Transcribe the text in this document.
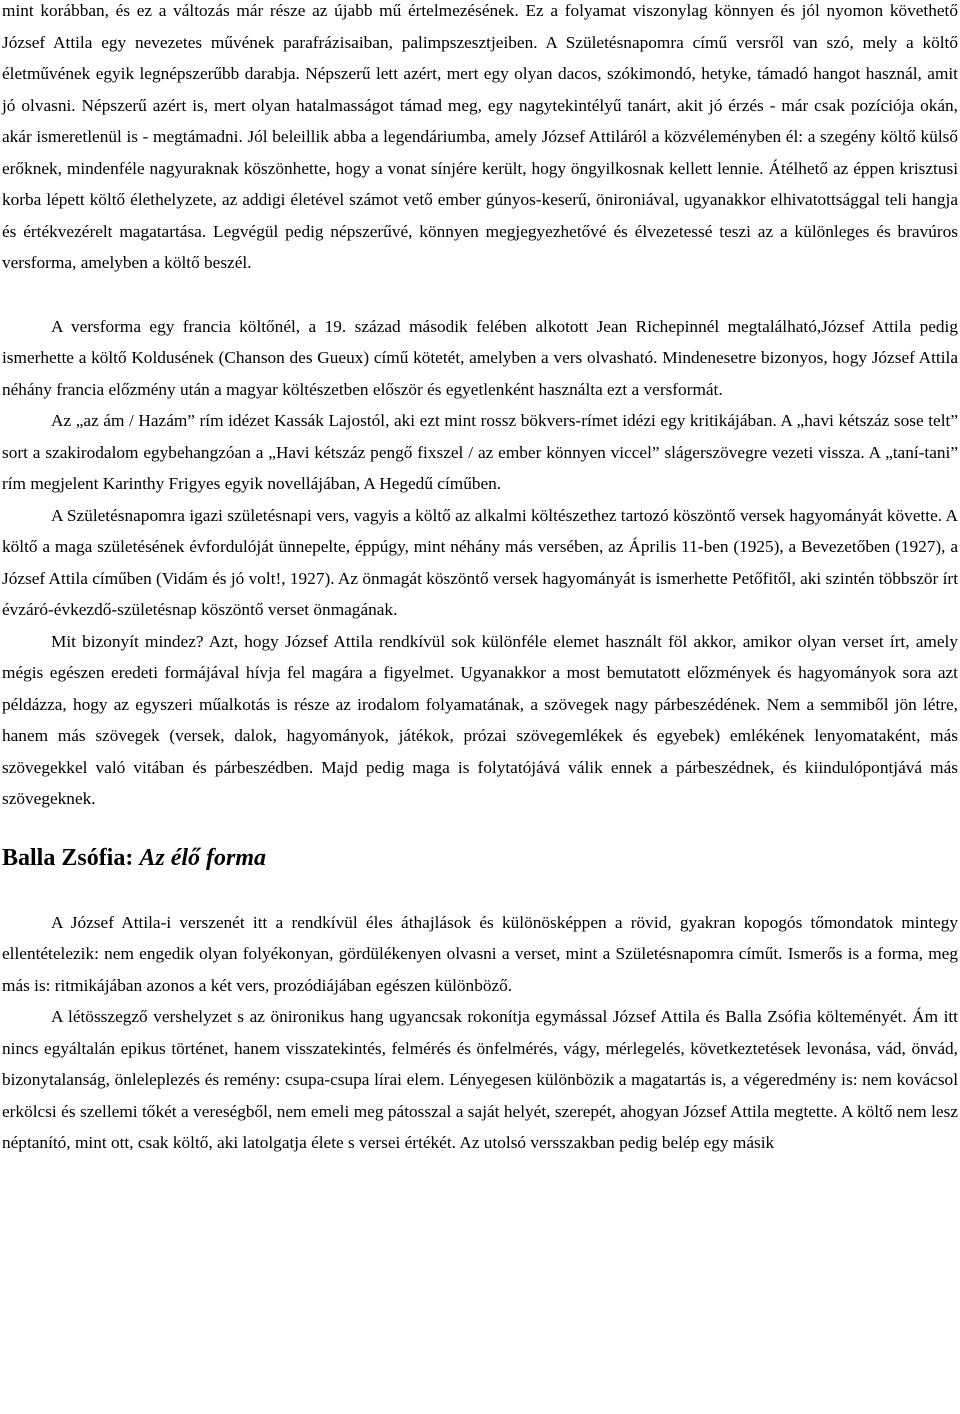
mint korábban, és ez a változás már része az újabb mű értelmezésének. Ez a folyamat viszonylag könnyen és jól nyomon követhető József Attila egy nevezetes művének parafrázisaiban, palimpszesztjeiben. A Születésnapomra című versről van szó, mely a költő életművének egyik legnépszerűbb darabja. Népszerű lett azért, mert egy olyan dacos, szókimondó, hetyke, támadó hangot használ, amit jó olvasni. Népszerű azért is, mert olyan hatalmasságot támad meg, egy nagytekintélyű tanárt, akit jó érzés - már csak pozíciója okán, akár ismeretlenül is - megtámadni. Jól beleillik abba a legendáriumba, amely József Attiláról a közvéleményben él: a szegény költő külső erőknek, mindenféle nagyuraknak köszönhette, hogy a vonat sínjére került, hogy öngyilkosnak kellett lennie. Átélhető az éppen krisztusi korba lépett költő élethelyzete, az addigi életével számot vető ember gúnyos-keserű, önironiával, ugyanakkor elhivatottsággal teli hangja és értékvezérelt magatartása. Legvégül pedig népszerűvé, könnyen megjegyezhetővé és élvezetessé teszi az a különleges és bravúros versforma, amelyben a költő beszél.

A versforma egy francia költőnél, a 19. század második felében alkotott Jean Richepinnél megtalálható,József Attila pedig ismerhette a költő Koldusének (Chanson des Gueux) című kötetét, amelyben a vers olvasható. Mindenesetre bizonyos, hogy József Attila néhány francia előzmény után a magyar költészetben először és egyetlenként használta ezt a versformát.

Az „az ám / Hazám” rím idézet Kassák Lajostól, aki ezt mint rossz bökvers-rímet idézi egy kritikájában. A „havi kétszáz sose telt” sort a szakirodalom egybehangzóan a „Havi kétszáz pengő fixszel / az ember könnyen viccel” slágerszövegre vezeti vissza. A „taní-tani” rím megjelent Karinthy Frigyes egyik novellájában, A Hegedű címűben.

A Születésnapomra igazi születésnapi vers, vagyis a költő az alkalmi költészethez tartozó köszöntő versek hagyományát követte. A költő a maga születésének évfordulóját ünnepelte, éppúgy, mint néhány más versében, az Április 11-ben (1925), a Bevezetőben (1927), a József Attila címűben (Vidám és jó volt!, 1927). Az önmagát köszöntő versek hagyományát is ismerhette Petőfitől, aki szintén többször írt évzáró-évkezdő-születésnap köszöntő verset önmagának.

Mit bizonyít mindez? Azt, hogy József Attila rendkívül sok különféle elemet használt föl akkor, amikor olyan verset írt, amely mégis egészen eredeti formájával hívja fel magára a figyelmet. Ugyanakkor a most bemutatott előzmények és hagyományok sora azt példázza, hogy az egyszeri műalkotás is része az irodalom folyamatának, a szövegek nagy párbeszédének. Nem a semmiből jön létre, hanem más szövegek (versek, dalok, hagyományok, játékok, prózai szövegemlékek és egyebek) emlékének lenyomataként, más szövegekkel való vitában és párbeszédben. Majd pedig maga is folytatójává válik ennek a párbeszédnek, és kiindulópontjává más szövegeknek.

Balla Zsófia: Az élő forma

A József Attila-i verszenét itt a rendkívül éles áthajlások és különösképpen a rövid, gyakran kopogós tőmondatok mintegy ellentételezik: nem engedik olyan folyékonyan, gördülékenyen olvasni a verset, mint a Születésnapomra címűt. Ismerős is a forma, meg más is: ritmikájában azonos a két vers, prozódiájában egészen különböző.

A létösszegző vershelyzet s az önironikus hang ugyancsak rokonítja egymással József Attila és Balla Zsófia költeményét. Ám itt nincs egyáltalán epikus történet, hanem visszatekintés, felmérés és önfelmérés, vágy, mérlegelés, következtetések levonása, vád, önvád, bizonytalanság, önleleplezés és remény: csupa-csupa lírai elem. Lényegesen különbözik a magatartás is, a végeredmény is: nem kovácsol erkölcsi és szellemi tőkét a vereségből, nem emeli meg pátosszal a saját helyét, szerepét, ahogyan József Attila megtette. A költő nem lesz néptanító, mint ott, csak költő, aki latolgatja élete s versei értékét. Az utolsó versszakban pedig belép egy másik
